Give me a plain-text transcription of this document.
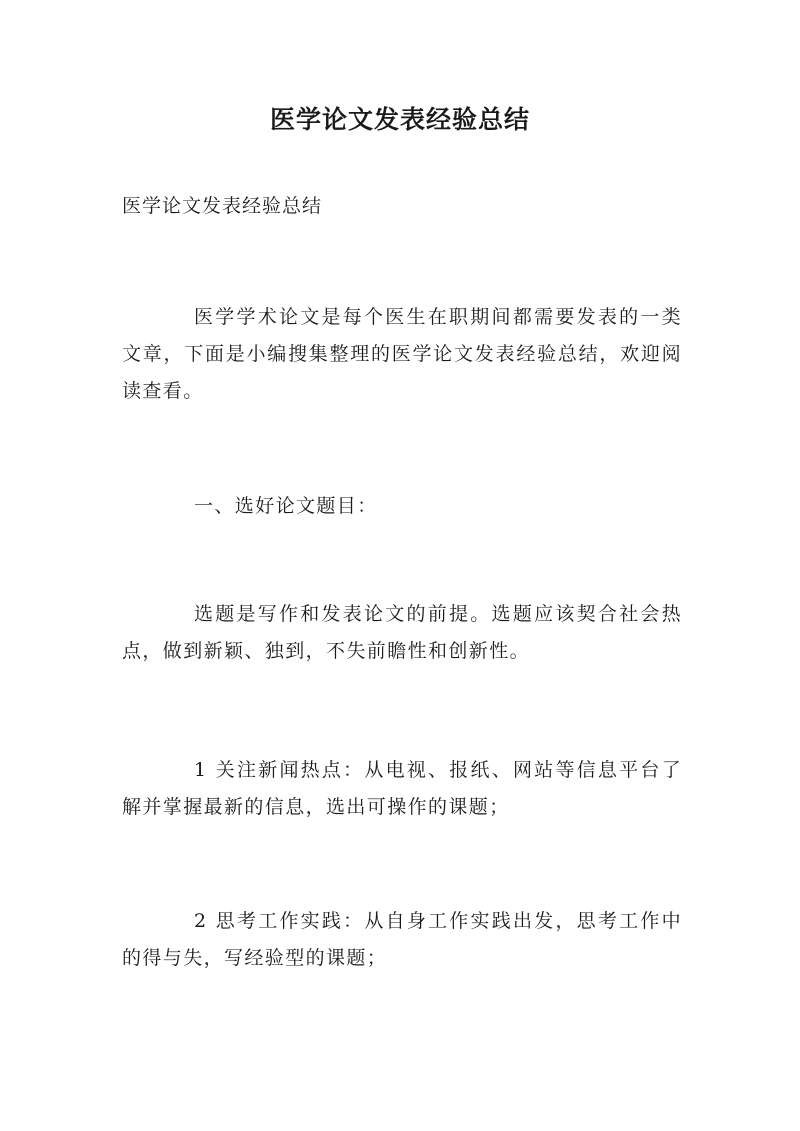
医学论文发表经验总结
医学论文发表经验总结
医学学术论文是每个医生在职期间都需要发表的一类文章，下面是小编搜集整理的医学论文发表经验总结，欢迎阅读查看。
一、选好论文题目：
选题是写作和发表论文的前提。选题应该契合社会热点，做到新颖、独到，不失前瞻性和创新性。
1 关注新闻热点：从电视、报纸、网站等信息平台了解并掌握最新的信息，选出可操作的课题；
2 思考工作实践：从自身工作实践出发，思考工作中的得与失，写经验型的课题；
